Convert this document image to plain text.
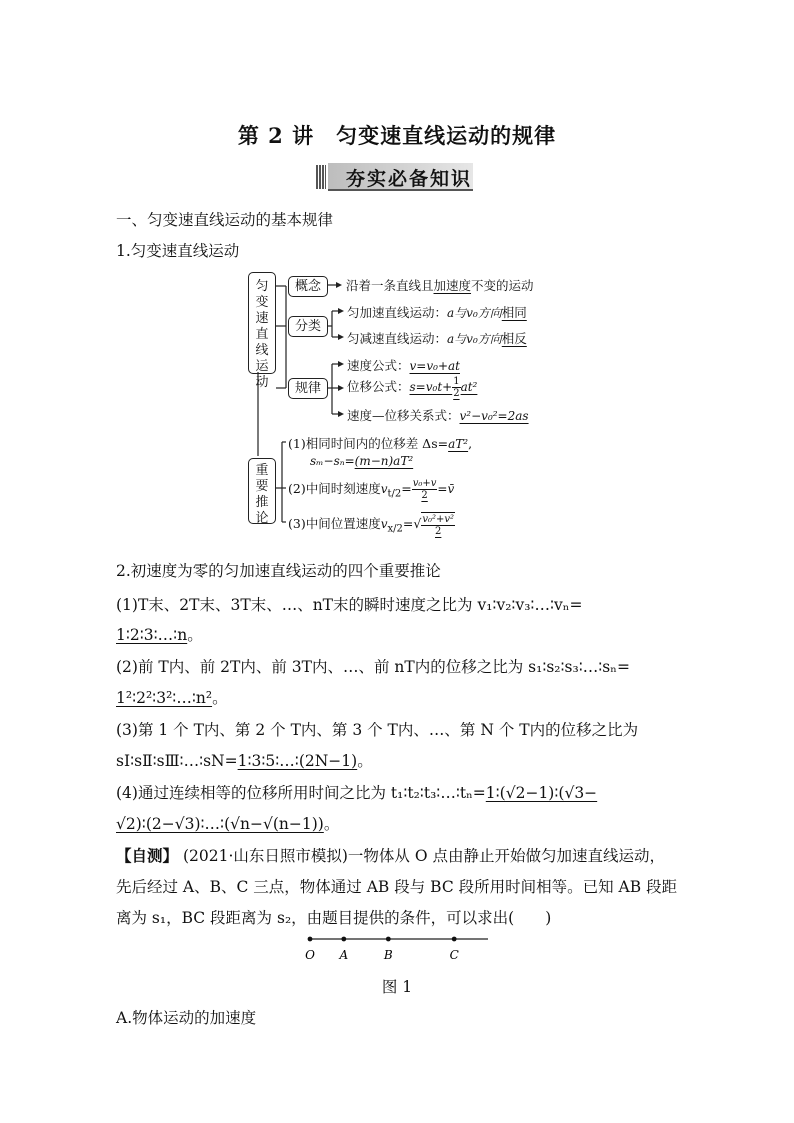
第 2 讲　匀变速直线运动的规律
夯实必备知识
一、匀变速直线运动的基本规律
1.匀变速直线运动
匀变速直线运动
概念	沿着一条直线且加速度不变的运动
分类
匀加速直线运动：a与v₀方向相同
匀减速直线运动：a与v₀方向相反
规律
速度公式：v=v₀+at
位移公式：$s=v_0t+ \frac{1}{2} at^2$
速度—位移关系式：v²−v₀²=2as
重要推论
(1)相同时间内的位移差 Δs=aT²,
sₘ−sₙ=(m−n)aT²
(2)中间时刻速度$v_{t/2}= \frac{\text{v₀+v}}{2}$ =v̄
(3)中间位置速度$v_{x/2}=√ \frac{\text{v₀²+v²}}{2}$
2.初速度为零的匀加速直线运动的四个重要推论
(1)T末、2T末、3T末、…、nT末的瞬时速度之比为 v₁∶v₂∶v₃∶…∶vₙ=
1∶2∶3∶…∶n。
(2)前 T内、前 2T内、前 3T内、…、前 nT内的位移之比为 s₁∶s₂∶s₃∶…∶sₙ=
1²∶2²∶3²∶…∶n²。
(3)第 1 个 T内、第 2 个 T内、第 3 个 T内、…、第 N 个 T内的位移之比为
sⅠ∶sⅡ∶sⅢ∶…∶sN=1∶3∶5∶…∶(2N−1)。
(4)通过连续相等的位移所用时间之比为 t₁∶t₂∶t₃∶…∶tₙ=1∶(√2−1)∶(√3−
√2)∶(2−√3)∶…∶(√n−√(n−1))。
【自测】 (2021·山东日照市模拟)一物体从 O 点由静止开始做匀加速直线运动，
先后经过 A、B、C 三点，物体通过 AB 段与 BC 段所用时间相等。已知 AB 段距
离为 s₁，BC 段距离为 s₂，由题目提供的条件，可以求出(　　)
O A	B	C
图 1
A.物体运动的加速度
